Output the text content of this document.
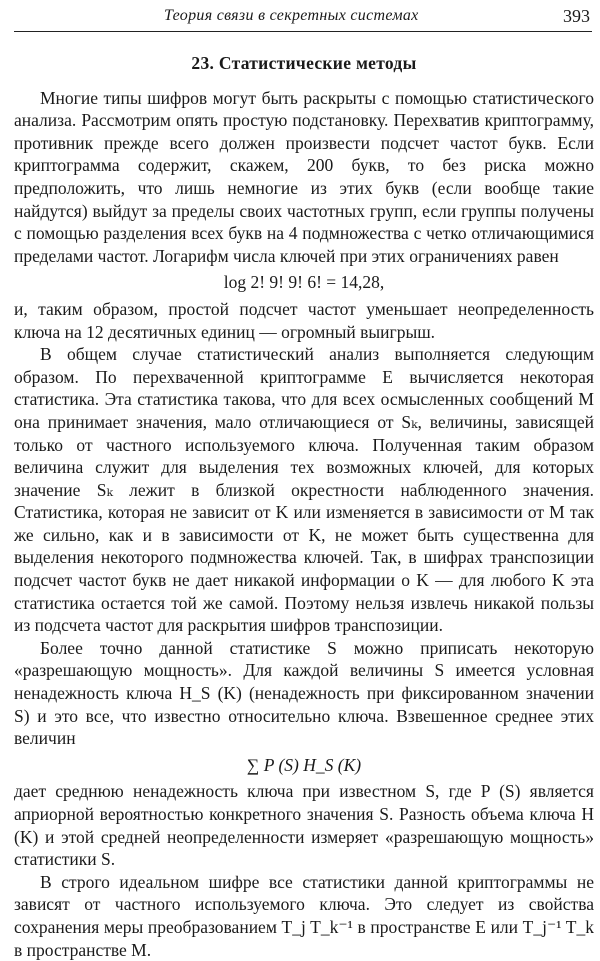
Теория связи в секретных системах	393
23. Статистические методы

Многие типы шифров могут быть раскрыты с помощью статистического анализа. Рассмотрим опять простую подстановку. Перехватив криптограмму, противник прежде всего должен произвести подсчет частот букв. Если криптограмма содержит, скажем, 200 букв, то без риска можно предположить, что лишь немногие из этих букв (если вообще такие найдутся) выйдут за пределы своих частотных групп, если группы получены с помощью разделения всех букв на 4 подмножества с четко отличающимися пределами частот. Логарифм числа ключей при этих ограничениях равен

log 2! 9! 9! 6! = 14,28,

и, таким образом, простой подсчет частот уменьшает неопределенность ключа на 12 десятичных единиц — огромный выигрыш.

В общем случае статистический анализ выполняется следующим образом. По перехваченной криптограмме E вычисляется некоторая статистика. Эта статистика такова, что для всех осмысленных сообщений M она принимает значения, мало отличающиеся от Sₖ, величины, зависящей только от частного используемого ключа. Полученная таким образом величина служит для выделения тех возможных ключей, для которых значение Sₖ лежит в близкой окрестности наблюденного значения. Статистика, которая не зависит от K или изменяется в зависимости от M так же сильно, как и в зависимости от K, не может быть существенна для выделения некоторого подмножества ключей. Так, в шифрах транспозиции подсчет частот букв не дает никакой информации о K — для любого K эта статистика остается той же самой. Поэтому нельзя извлечь никакой пользы из подсчета частот для раскрытия шифров транспозиции.

Более точно данной статистике S можно приписать некоторую «разрешающую мощность». Для каждой величины S имеется условная ненадежность ключа H_S (K) (ненадежность при фиксированном значении S) и это все, что известно относительно ключа. Взвешенное среднее этих величин

∑ P (S) H_S (K)

дает среднюю ненадежность ключа при известном S, где P (S) является априорной вероятностью конкретного значения S. Разность объема ключа H (K) и этой средней неопределенности измеряет «разрешающую мощность» статистики S.

В строго идеальном шифре все статистики данной криптограммы не зависят от частного используемого ключа. Это следует из свойства сохранения меры преобразованием T_j T_k⁻¹ в пространстве E или T_j⁻¹ T_k в пространстве M.
